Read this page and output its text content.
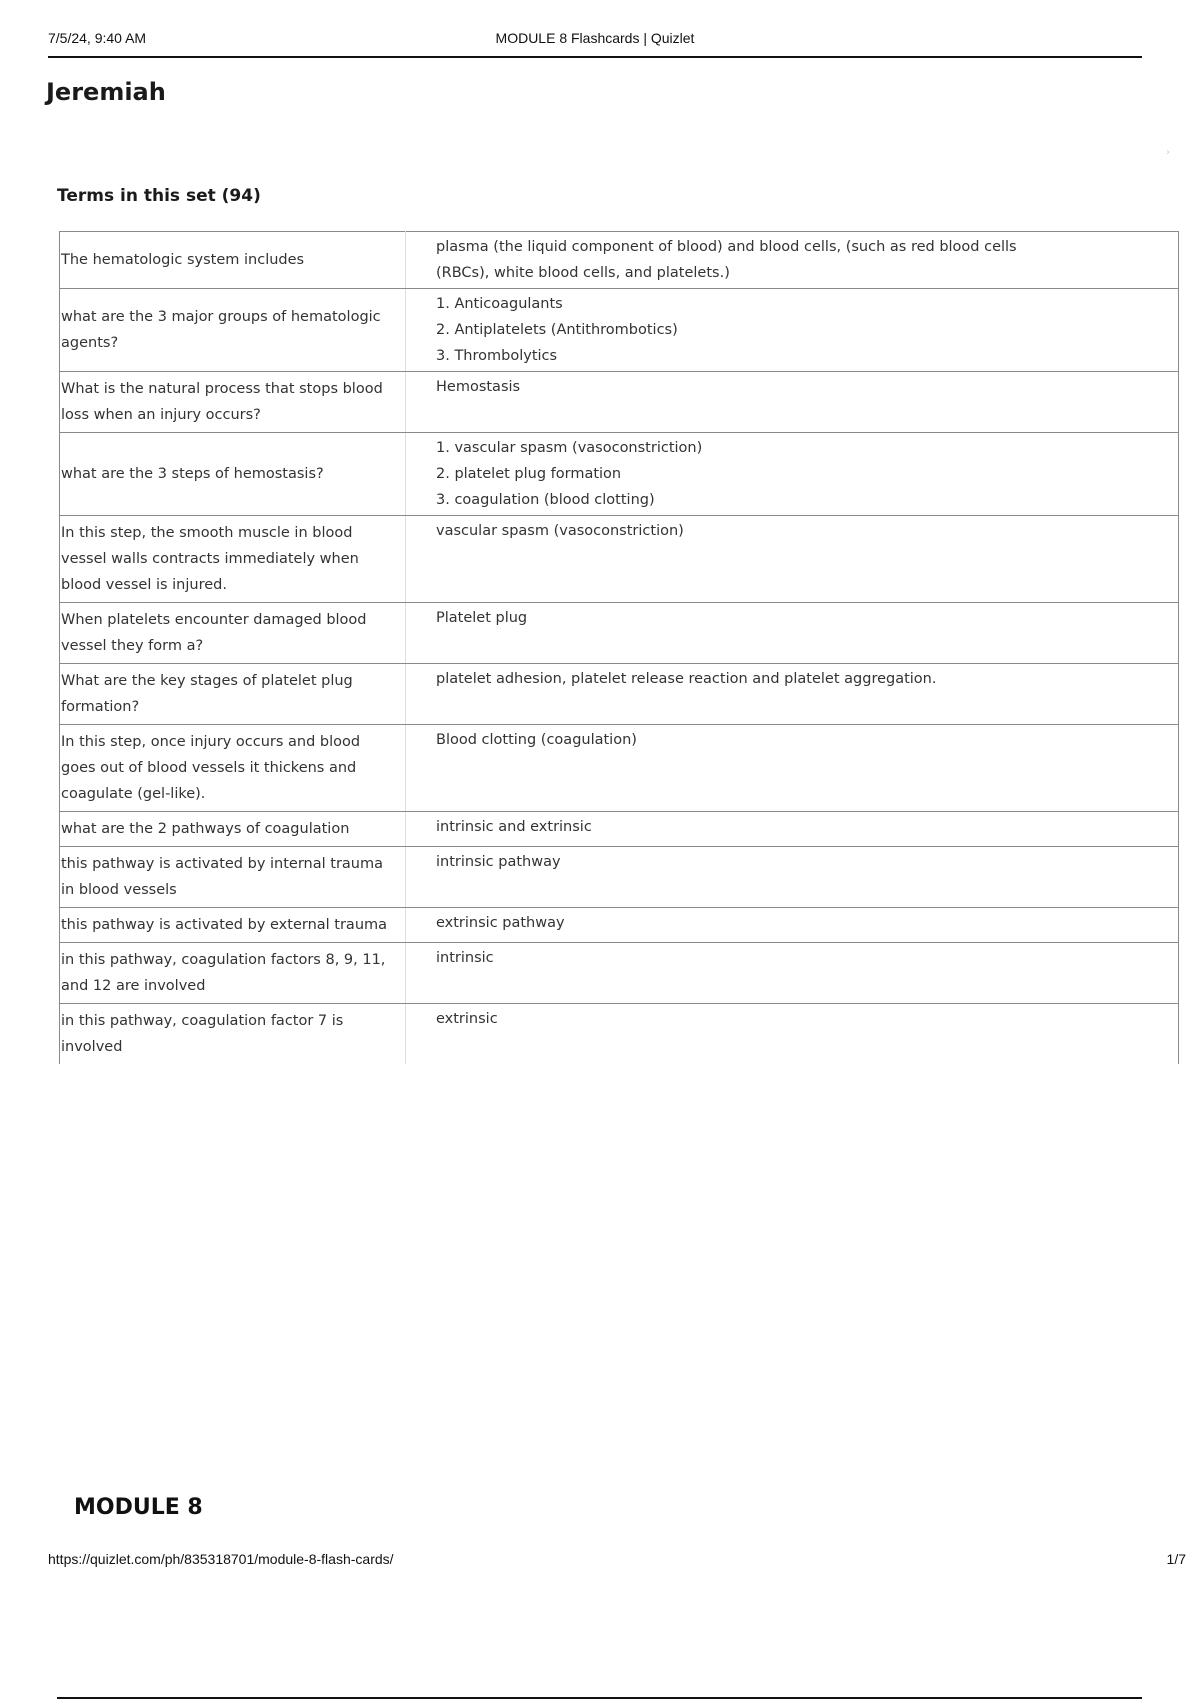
7/5/24, 9:40 AM	MODULE 8 Flashcards | Quizlet
Jeremiah
›
Terms in this set (94)
The hematologic system includes	plasma (the liquid component of blood) and blood cells, (such as red blood cells
(RBCs), white blood cells, and platelets.)

what are the 3 major groups of hematologic agents?	1. Anticoagulants
2. Antiplatelets (Antithrombotics)
3. Thrombolytics

What is the natural process that stops blood loss when an injury occurs?	Hemostasis

what are the 3 steps of hemostasis?	1. vascular spasm (vasoconstriction)
2. platelet plug formation
3. coagulation (blood clotting)

In this step, the smooth muscle in blood vessel walls contracts immediately when blood vessel is injured.	vascular spasm (vasoconstriction)

When platelets encounter damaged blood vessel they form a?	Platelet plug

What are the key stages of platelet plug formation?	platelet adhesion, platelet release reaction and platelet aggregation.

In this step, once injury occurs and blood goes out of blood vessels it thickens and coagulate (gel-like).	Blood clotting (coagulation)

what are the 2 pathways of coagulation	intrinsic and extrinsic

this pathway is activated by internal trauma in blood vessels	intrinsic pathway

this pathway is activated by external trauma	extrinsic pathway

in this pathway, coagulation factors 8, 9, 11, and 12 are involved	intrinsic

in this pathway, coagulation factor 7 is involved	extrinsic
MODULE 8
https://quizlet.com/ph/835318701/module-8-flash-cards/	1/7
